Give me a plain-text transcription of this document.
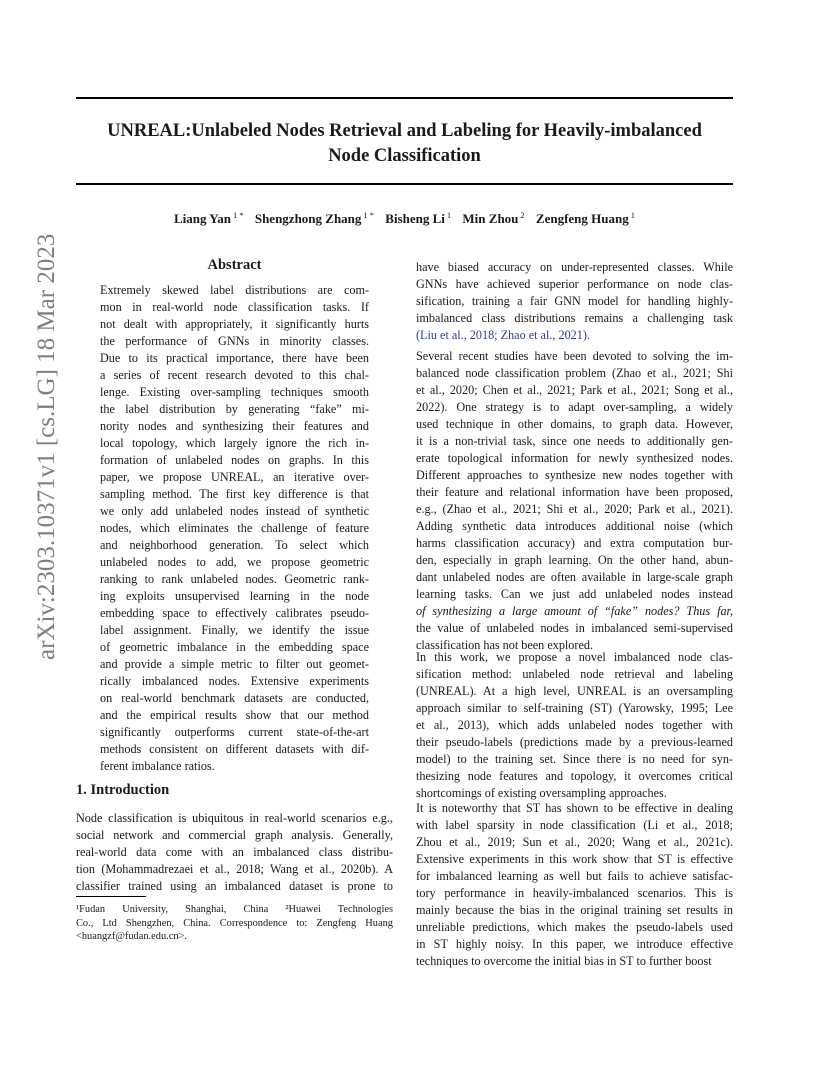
UNREAL:Unlabeled Nodes Retrieval and Labeling for Heavily-imbalanced
Node Classification
Liang Yan $^{1 *}$ Shengzhong Zhang $^{1 *}$ Bisheng Li $^1$ Min Zhou $^2$ Zengfeng Huang $^1$
arXiv:2303.10371v1 [cs.LG] 18 Mar 2023	Abstract
Extremely skewed label distributions are com-
mon in real-world node classification tasks. If
not dealt with appropriately, it significantly hurts
the performance of GNNs in minority classes.
Due to its practical importance, there have been
a series of recent research devoted to this chal-
lenge. Existing over-sampling techniques smooth
the label distribution by generating “fake” mi-
nority nodes and synthesizing their features and
local topology, which largely ignore the rich in-
formation of unlabeled nodes on graphs. In this
paper, we propose UNREAL, an iterative over-
sampling method. The first key difference is that
we only add unlabeled nodes instead of synthetic
nodes, which eliminates the challenge of feature
and neighborhood generation. To select which
unlabeled nodes to add, we propose geometric
ranking to rank unlabeled nodes. Geometric rank-
ing exploits unsupervised learning in the node
embedding space to effectively calibrates pseudo-
label assignment. Finally, we identify the issue
of geometric imbalance in the embedding space
and provide a simple metric to filter out geomet-
rically imbalanced nodes. Extensive experiments
on real-world benchmark datasets are conducted,
and the empirical results show that our method
significantly outperforms current state-of-the-art
methods consistent on different datasets with dif-
ferent imbalance ratios.
1. Introduction
Node classification is ubiquitous in real-world scenarios e.g.,
social network and commercial graph analysis. Generally,
real-world data come with an imbalanced class distribu-
tion (Mohammadrezaei et al., 2018; Wang et al., 2020b). A
classifier trained using an imbalanced dataset is prone to
¹Fudan University, Shanghai, China ²Huawei Technologies
Co., Ltd Shengzhen, China. Correspondence to: Zengfeng Huang
<huangzf@fudan.edu.cn>.
have biased accuracy on under-represented classes. While
GNNs have achieved superior performance on node clas-
sification, training a fair GNN model for handling highly-
imbalanced class distributions remains a challenging task
(Liu et al., 2018; Zhao et al., 2021).
Several recent studies have been devoted to solving the im-
balanced node classification problem (Zhao et al., 2021; Shi
et al., 2020; Chen et al., 2021; Park et al., 2021; Song et al.,
2022). One strategy is to adapt over-sampling, a widely
used technique in other domains, to graph data. However,
it is a non-trivial task, since one needs to additionally gen-
erate topological information for newly synthesized nodes.
Different approaches to synthesize new nodes together with
their feature and relational information have been proposed,
e.g., (Zhao et al., 2021; Shi et al., 2020; Park et al., 2021).
Adding synthetic data introduces additional noise (which
harms classification accuracy) and extra computation bur-
den, especially in graph learning. On the other hand, abun-
dant unlabeled nodes are often available in large-scale graph
learning tasks. Can we just add unlabeled nodes instead
of synthesizing a large amount of “fake” nodes? Thus far,
the value of unlabeled nodes in imbalanced semi-supervised
classification has not been explored.
In this work, we propose a novel imbalanced node clas-
sification method: unlabeled node retrieval and labeling
(UNREAL). At a high level, UNREAL is an oversampling
approach similar to self-training (ST) (Yarowsky, 1995; Lee
et al., 2013), which adds unlabeled nodes together with
their pseudo-labels (predictions made by a previous-learned
model) to the training set. Since there is no need for syn-
thesizing node features and topology, it overcomes critical
shortcomings of existing oversampling approaches.
It is noteworthy that ST has shown to be effective in dealing
with label sparsity in node classification (Li et al., 2018;
Zhou et al., 2019; Sun et al., 2020; Wang et al., 2021c).
Extensive experiments in this work show that ST is effective
for imbalanced learning as well but fails to achieve satisfac-
tory performance in heavily-imbalanced scenarios. This is
mainly because the bias in the original training set results in
unreliable predictions, which makes the pseudo-labels used
in ST highly noisy. In this paper, we introduce effective
techniques to overcome the initial bias in ST to further boost
